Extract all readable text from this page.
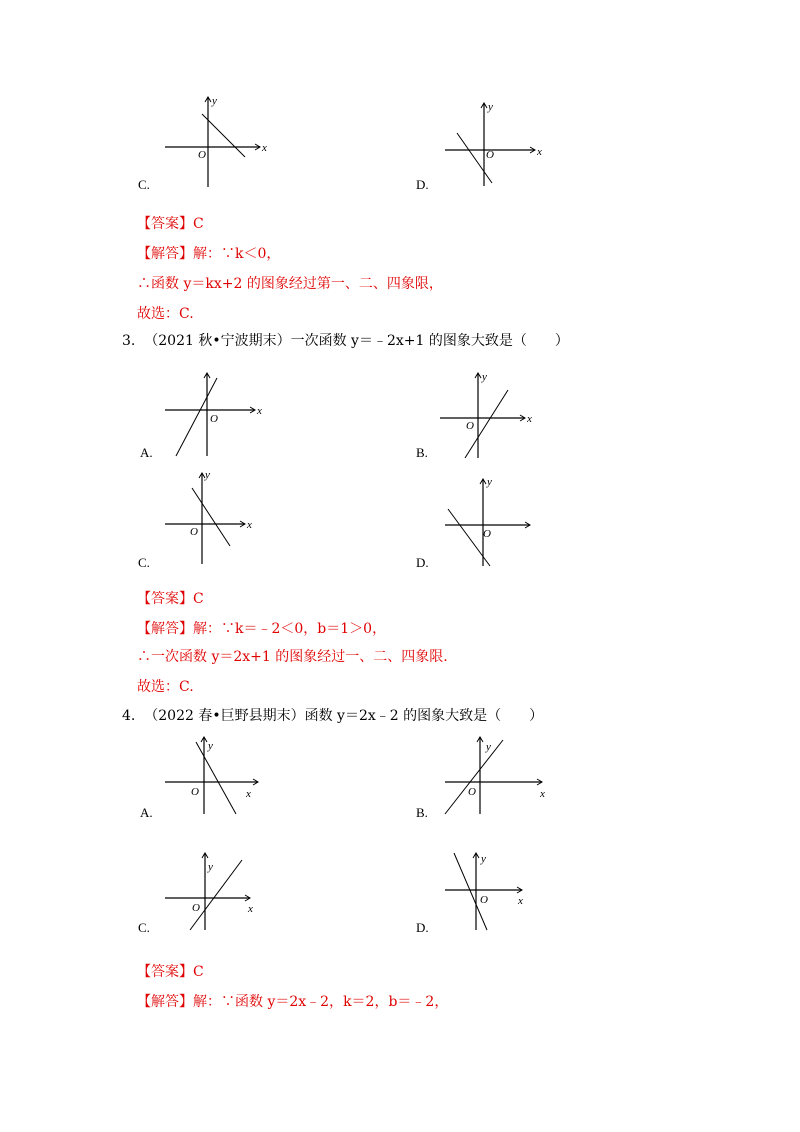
x
y
O
C.
x
y
O
D.
【答案】C
【解答】解：∵k＜0，
∴函数 y＝kx+2 的图象经过第一、二、四象限，
故选：C.
3. （2021 秋•宁波期末）一次函数 y＝﹣2x+1 的图象大致是（　　）
x
O
A.
x
y
O
B.
x
y
O
C.
y
O
D.
【答案】C
【解答】解：∵k＝﹣2＜0，b＝1＞0，
∴一次函数 y＝2x+1 的图象经过一、二、四象限.
故选：C.
4. （2022 春•巨野县期末）函数 y＝2x﹣2 的图象大致是（　　）
x
y
O
A.
x
y
O
B.
x
y
O
C.
x
y
O
D.
【答案】C
【解答】解：∵函数 y＝2x﹣2，k＝2，b＝﹣2，
